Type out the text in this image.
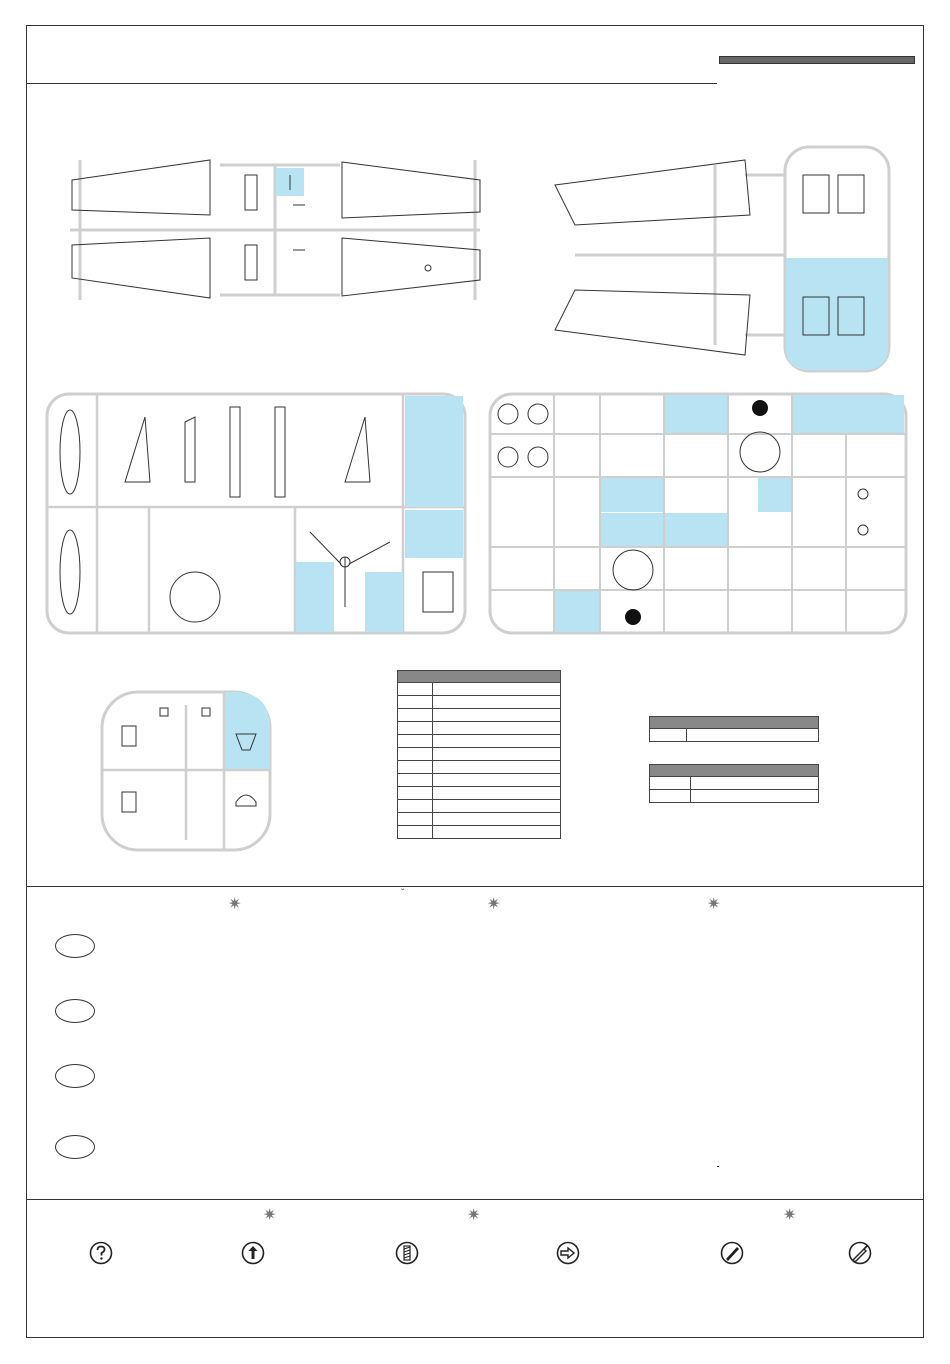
ˇ
✷	✷	✷
✷	✷	✷
